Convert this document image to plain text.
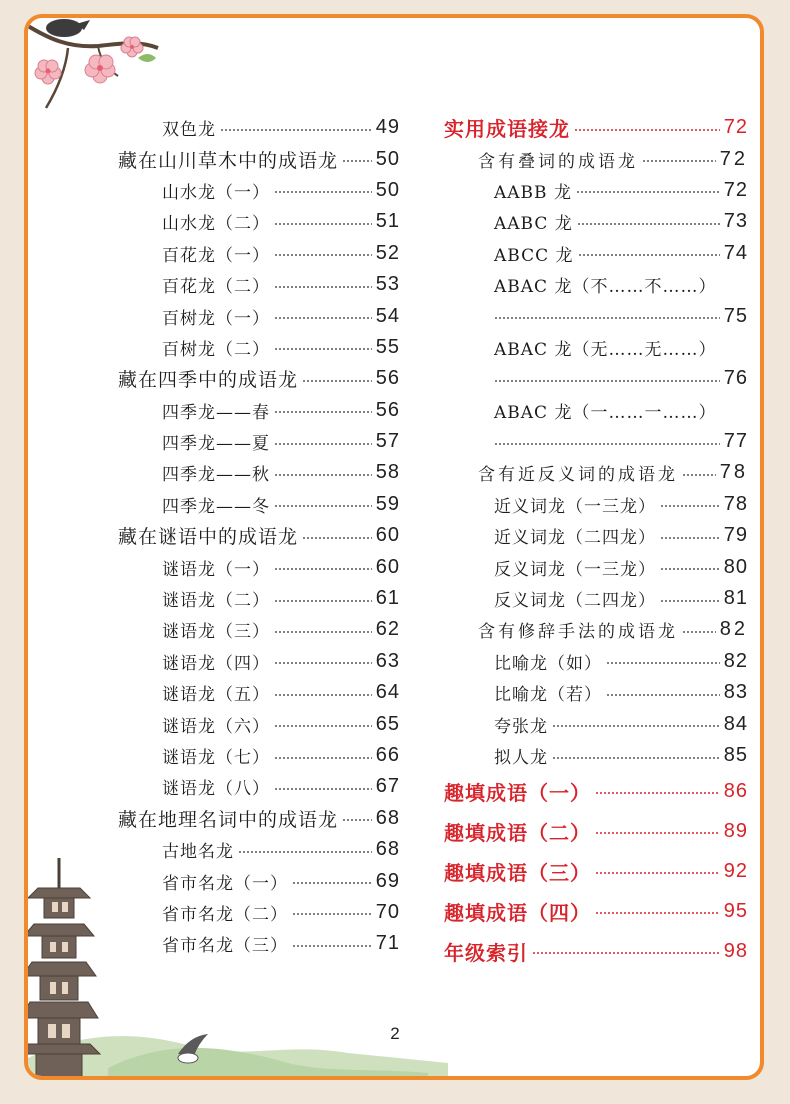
双色龙	49
藏在山川草木中的成语龙 50
山水龙（一）	50
山水龙（二）	51
百花龙（一）	52
百花龙（二）	53
百树龙（一）	54
百树龙（二）	55
藏在四季中的成语龙	56
四季龙——春	56
四季龙——夏	57
四季龙——秋	58
四季龙——冬	59
藏在谜语中的成语龙	60
谜语龙（一）	60
谜语龙（二）	61
谜语龙（三）	62
谜语龙（四）	63
谜语龙（五）	64
谜语龙（六）	65
谜语龙（七）	66
谜语龙（八）	67
藏在地理名词中的成语龙 68
古地名龙	68
省市名龙（一）	69
省市名龙（二）	70
省市名龙（三）	71
实用成语接龙	72
含有叠词的成语龙	72
AABB 龙	72
AABC 龙	73
ABCC 龙	74
ABAC 龙（不……不……）
75
ABAC 龙（无……无……）
76
ABAC 龙（一……一……）
77
含有近反义词的成语龙 78
近义词龙（一三龙）	78
近义词龙（二四龙）	79
反义词龙（一三龙）	80
反义词龙（二四龙）	81
含有修辞手法的成语龙 82
比喻龙（如）	82
比喻龙（若）	83
夸张龙	84
拟人龙	85
趣填成语（一）	86
趣填成语（二）	89
趣填成语（三）	92
趣填成语（四）	95
年级索引	98
2
